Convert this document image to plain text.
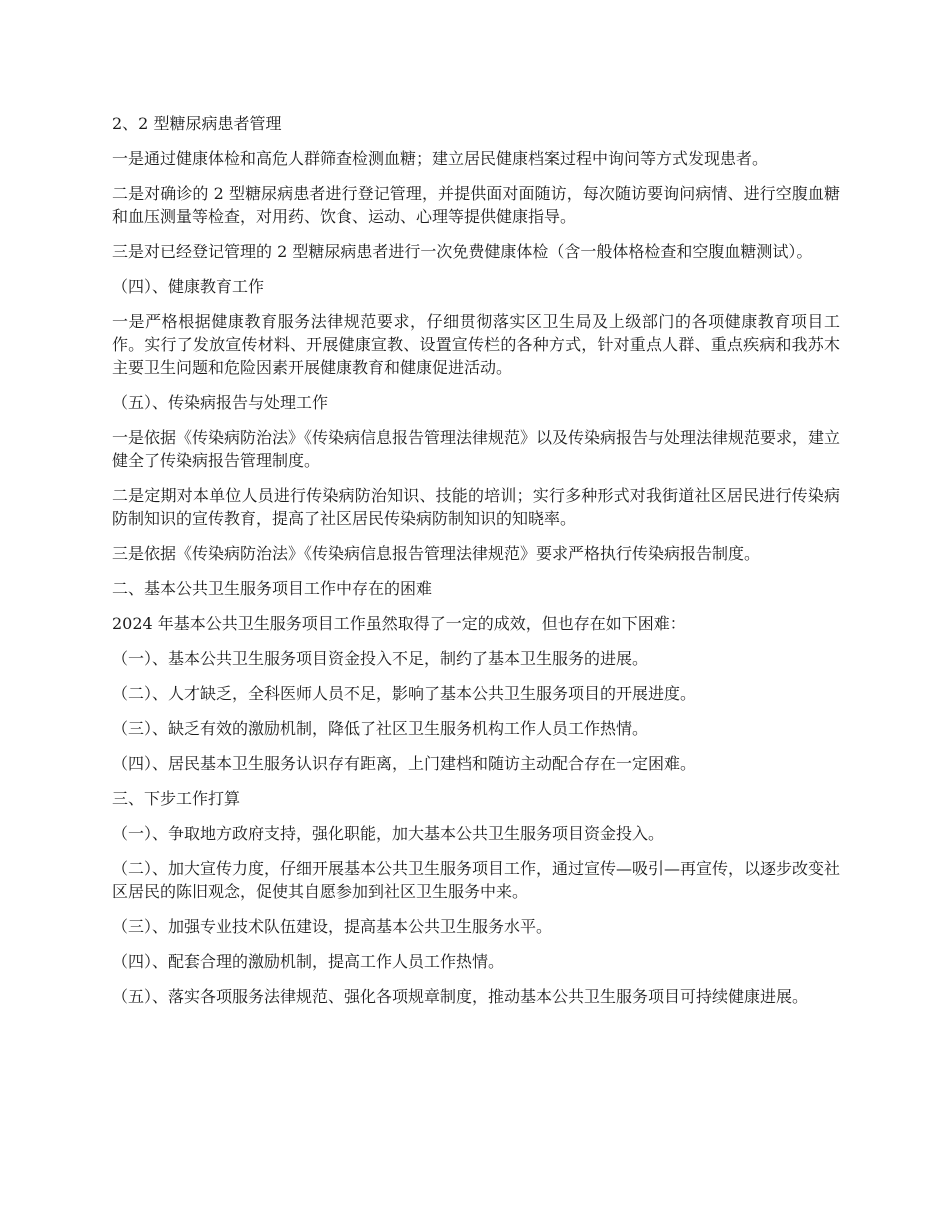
2、2 型糖尿病患者管理

一是通过健康体检和高危人群筛查检测血糖；建立居民健康档案过程中询问等方式发现患者。

二是对确诊的 2 型糖尿病患者进行登记管理，并提供面对面随访，每次随访要询问病情、进行空腹血糖和血压测量等检查，对用药、饮食、运动、心理等提供健康指导。

三是对已经登记管理的 2 型糖尿病患者进行一次免费健康体检（含一般体格检查和空腹血糖测试）。

（四）、健康教育工作

一是严格根据健康教育服务法律规范要求，仔细贯彻落实区卫生局及上级部门的各项健康教育项目工作。实行了发放宣传材料、开展健康宣教、设置宣传栏的各种方式，针对重点人群、重点疾病和我苏木主要卫生问题和危险因素开展健康教育和健康促进活动。

（五）、传染病报告与处理工作

一是依据《传染病防治法》《传染病信息报告管理法律规范》以及传染病报告与处理法律规范要求，建立健全了传染病报告管理制度。

二是定期对本单位人员进行传染病防治知识、技能的培训；实行多种形式对我街道社区居民进行传染病防制知识的宣传教育，提高了社区居民传染病防制知识的知晓率。

三是依据《传染病防治法》《传染病信息报告管理法律规范》要求严格执行传染病报告制度。

二、基本公共卫生服务项目工作中存在的困难

2024 年基本公共卫生服务项目工作虽然取得了一定的成效，但也存在如下困难：

（一）、基本公共卫生服务项目资金投入不足，制约了基本卫生服务的进展。

（二）、人才缺乏，全科医师人员不足，影响了基本公共卫生服务项目的开展进度。

（三）、缺乏有效的激励机制，降低了社区卫生服务机构工作人员工作热情。

（四）、居民基本卫生服务认识存有距离，上门建档和随访主动配合存在一定困难。

三、下步工作打算

（一）、争取地方政府支持，强化职能，加大基本公共卫生服务项目资金投入。

（二）、加大宣传力度，仔细开展基本公共卫生服务项目工作，通过宣传—吸引—再宣传，以逐步改变社区居民的陈旧观念，促使其自愿参加到社区卫生服务中来。

（三）、加强专业技术队伍建设，提高基本公共卫生服务水平。

（四）、配套合理的激励机制，提高工作人员工作热情。

（五）、落实各项服务法律规范、强化各项规章制度，推动基本公共卫生服务项目可持续健康进展。
